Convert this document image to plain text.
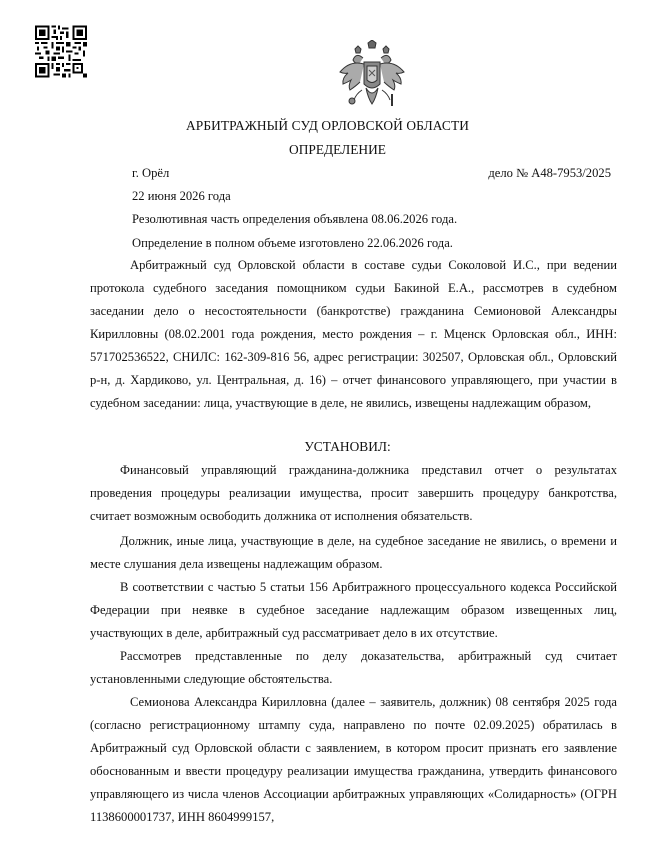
АРБИТРАЖНЫЙ СУД ОРЛОВСКОЙ ОБЛАСТИ
ОПРЕДЕЛЕНИЕ
г. Орёл	дело № А48-7953/2025
22 июня 2026 года
Резолютивная часть определения объявлена 08.06.2026 года.
Определение в полном объеме изготовлено 22.06.2026 года.

Арбитражный суд Орловской области в составе судьи Соколовой И.С., при ведении протокола судебного заседания помощником судьи Бакиной Е.А., рассмотрев в судебном заседании дело о несостоятельности (банкротстве) гражданина Семионовой Александры Кирилловны (08.02.2001 года рождения, место рождения – г. Мценск Орловская обл., ИНН: 571702536522, СНИЛС: 162-309-816 56, адрес регистрации: 302507, Орловская обл., Орловский р-н, д. Хардиково, ул. Центральная, д. 16) – отчет финансового управляющего, при участии в судебном заседании: лица, участвующие в деле, не явились, извещены надлежащим образом,

УСТАНОВИЛ:

Финансовый управляющий гражданина-должника представил отчет о результатах проведения процедуры реализации имущества, просит завершить процедуру банкротства, считает возможным освободить должника от исполнения обязательств.

Должник, иные лица, участвующие в деле, на судебное заседание не явились, о времени и месте слушания дела извещены надлежащим образом.

В соответствии с частью 5 статьи 156 Арбитражного процессуального кодекса Российской Федерации при неявке в судебное заседание надлежащим образом извещенных лиц, участвующих в деле, арбитражный суд рассматривает дело в их отсутствие.

Рассмотрев представленные по делу доказательства, арбитражный суд считает установленными следующие обстоятельства.

Семионова Александра Кирилловна (далее – заявитель, должник) 08 сентября 2025 года (согласно регистрационному штампу суда, направлено по почте 02.09.2025) обратилась в Арбитражный суд Орловской области с заявлением, в котором просит признать его заявление обоснованным и ввести процедуру реализации имущества гражданина, утвердить финансового управляющего из числа членов Ассоциации арбитражных управляющих «Солидарность» (ОГРН 1138600001737, ИНН 8604999157,
